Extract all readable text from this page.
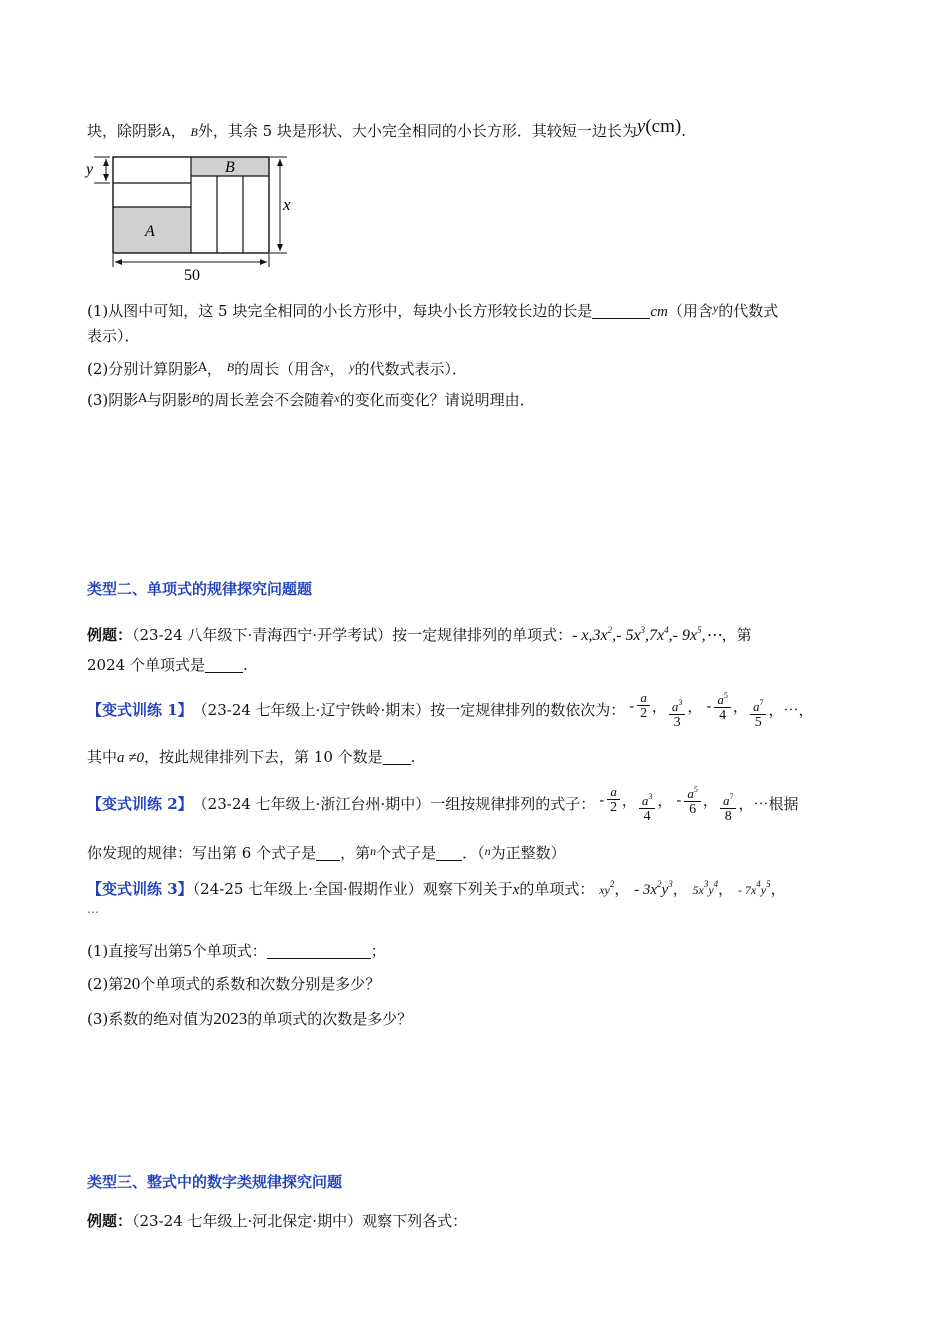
块，除阴影A， B外，其余 5 块是形状、大小完全相同的小长方形．其较短一边长为y(cm).
y	B
A
x
50
(1)从图中可知，这 5 块完全相同的小长方形中，每块小长方形较长边的长是	cm（用含$^y$的代数式
表示）．
(2)分别计算阴影$^A$， $^B$的周长（用含$^x$， $^y$的代数式表示）．
(3)阴影$^A$与阴影$^B$的周长差会不会随着$^x$的变化而变化？请说明理由．
类型二、单项式的规律探究问题题
例题：（23-24 八年级下·青海西宁·开学考试）按一定规律排列的单项式：- $x,3x^2,-$ $5x^3,7x^4,-$ $9x^5,\cdots$，第
2024 个单项式是	.
【变式训练 1】 （23-24 七年级上·辽宁铁岭·期末）按一定规律排列的数依次为： - $\frac{a}{2}$ ， $\frac{a^3}{3}$ ， - $\frac{a^5}{4}$ ， $\frac{a^7}{5}$ ，⋯，
其中a ≠0，按此规律排列下去，第 10 个数是 .
【变式训练 2】 （23-24 七年级上·浙江台州·期中）一组按规律排列的式子： - $\frac{a}{2}$ ， $\frac{a^3}{4}$ ， - $\frac{a^5}{6}$ ， $\frac{a^7}{8}$ ，⋯根据
你发现的规律：写出第 6 个式子是 ，第$^n$个式子是 ．（$^n$为正整数）
【变式训练 3】（24-25 七年级上·全国·假期作业）观察下列关于x的单项式： $xy^2$， - $3x^2y^3$， $5x^3y^4$， - $7x^4y^5$，
⋯
(1)直接写出第5个单项式：	；
(2)第20个单项式的系数和次数分别是多少？
(3)系数的绝对值为2023的单项式的次数是多少？
类型三、整式中的数字类规律探究问题
例题：（23-24 七年级上·河北保定·期中）观察下列各式：
